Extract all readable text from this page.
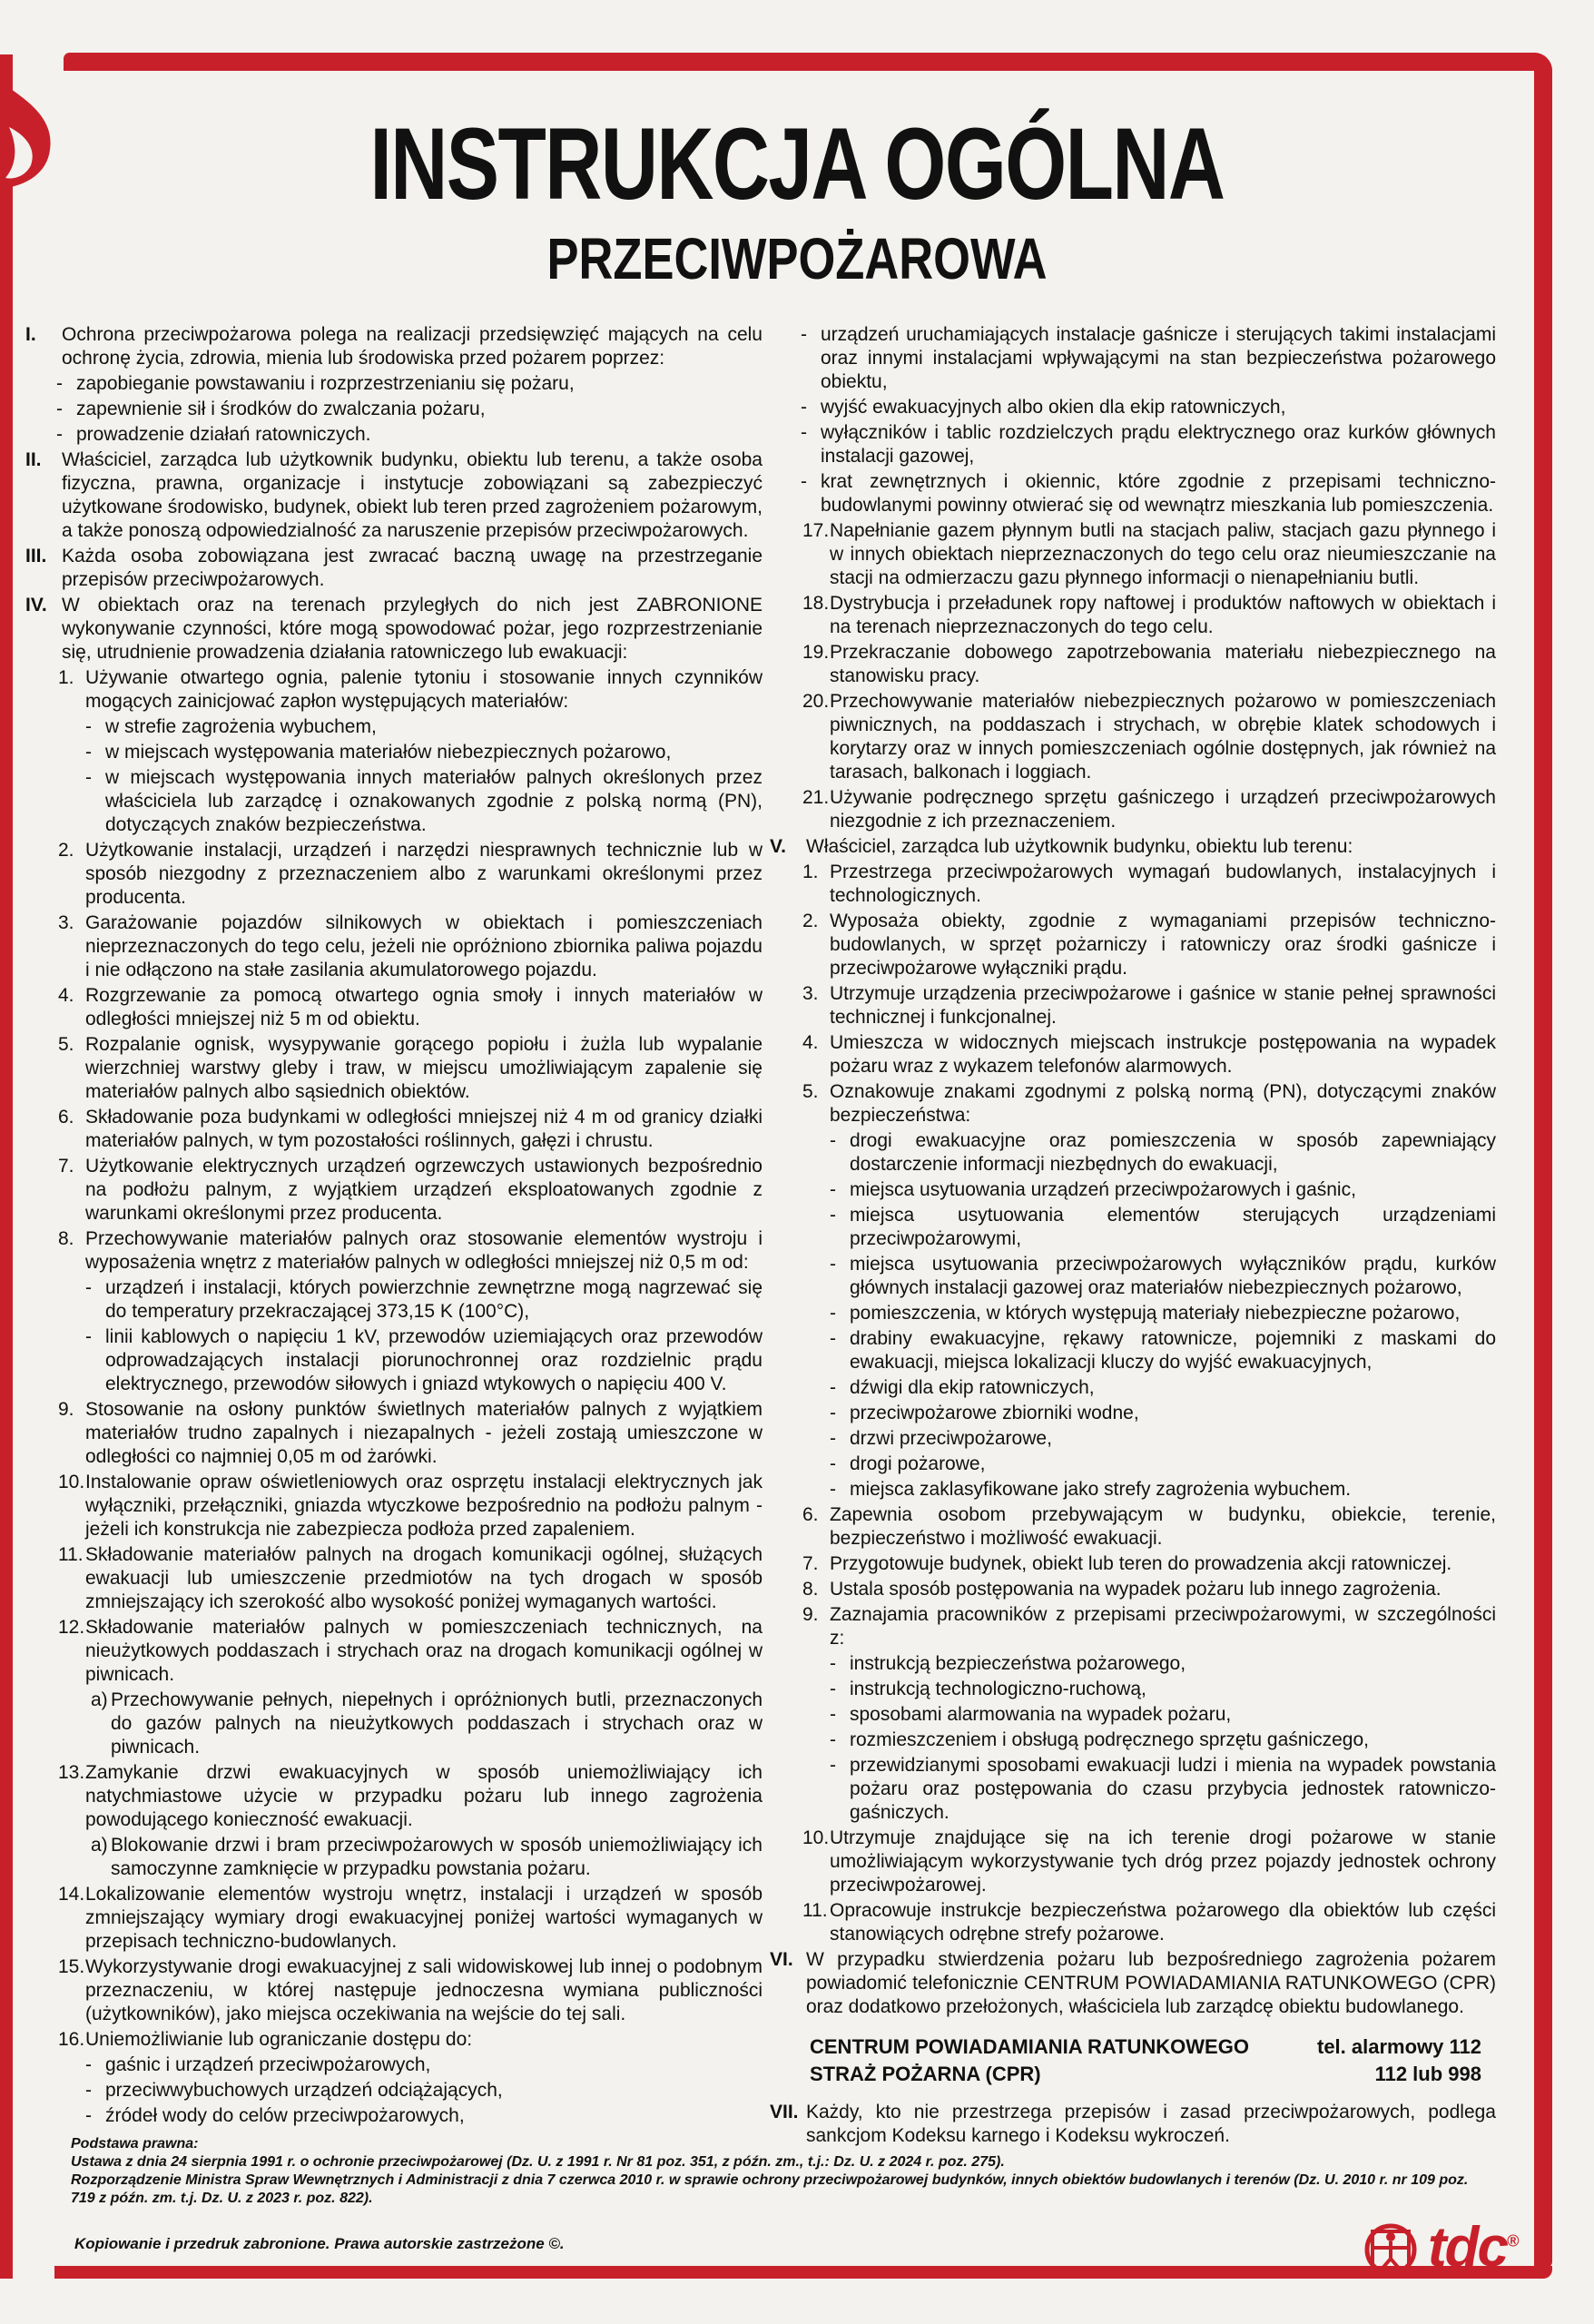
INSTRUKCJA OGÓLNA
PRZECIWPOŻAROWA
I.	Ochrona przeciwpożarowa polega na realizacji przedsięwzięć mających na celu ochronę życia, zdrowia, mienia lub środowiska przed pożarem poprzez:
- zapobieganie powstawaniu i rozprzestrzenianiu się pożaru,
- zapewnienie sił i środków do zwalczania pożaru,
- prowadzenie działań ratowniczych.
II.	Właściciel, zarządca lub użytkownik budynku, obiektu lub terenu, a także osoba fizyczna, prawna, organizacje i instytucje zobowiązani są zabezpieczyć użytkowane środowisko, budynek, obiekt lub teren przed zagrożeniem pożarowym, a także ponoszą odpowiedzialność za naruszenie przepisów przeciwpożarowych.
III. Każda osoba zobowiązana jest zwracać baczną uwagę na przestrzeganie przepisów przeciwpożarowych.
IV. W obiektach oraz na terenach przyległych do nich jest ZABRONIONE wykonywanie czynności, które mogą spowodować pożar, jego rozprzestrzenianie się, utrudnienie prowadzenia działania ratowniczego lub ewakuacji:
1. Używanie otwartego ognia, palenie tytoniu i stosowanie innych czynników mogących zainicjować zapłon występujących materiałów:
- w strefie zagrożenia wybuchem,
- w miejscach występowania materiałów niebezpiecznych pożarowo,
- w miejscach występowania innych materiałów palnych określonych przez właściciela lub zarządcę i oznakowanych zgodnie z polską normą (PN), dotyczących znaków bezpieczeństwa.
2. Użytkowanie instalacji, urządzeń i narzędzi niesprawnych technicznie lub w sposób niezgodny z przeznaczeniem albo z warunkami określonymi przez producenta.
3. Garażowanie pojazdów silnikowych w obiektach i pomieszczeniach nieprzeznaczonych do tego celu, jeżeli nie opróżniono zbiornika paliwa pojazdu i nie odłączono na stałe zasilania akumulatorowego pojazdu.
4. Rozgrzewanie za pomocą otwartego ognia smoły i innych materiałów w odległości mniejszej niż 5 m od obiektu.
5. Rozpalanie ognisk, wysypywanie gorącego popiołu i żużla lub wypalanie wierzchniej warstwy gleby i traw, w miejscu umożliwiającym zapalenie się materiałów palnych albo sąsiednich obiektów.
6. Składowanie poza budynkami w odległości mniejszej niż 4 m od granicy działki materiałów palnych, w tym pozostałości roślinnych, gałęzi i chrustu.
7. Użytkowanie elektrycznych urządzeń ogrzewczych ustawionych bezpośrednio na podłożu palnym, z wyjątkiem urządzeń eksploatowanych zgodnie z warunkami określonymi przez producenta.
8. Przechowywanie materiałów palnych oraz stosowanie elementów wystroju i wyposażenia wnętrz z materiałów palnych w odległości mniejszej niż 0,5 m od:
- urządzeń i instalacji, których powierzchnie zewnętrzne mogą nagrzewać się do temperatury przekraczającej 373,15 K (100°C),
- linii kablowych o napięciu 1 kV, przewodów uziemiających oraz przewodów odprowadzających instalacji piorunochronnej oraz rozdzielnic prądu elektrycznego, przewodów siłowych i gniazd wtykowych o napięciu 400 V.
9. Stosowanie na osłony punktów świetlnych materiałów palnych z wyjątkiem materiałów trudno zapalnych i niezapalnych - jeżeli zostają umieszczone w odległości co najmniej 0,05 m od żarówki.
10. Instalowanie opraw oświetleniowych oraz osprzętu instalacji elektrycznych jak wyłączniki, przełączniki, gniazda wtyczkowe bezpośrednio na podłożu palnym - jeżeli ich konstrukcja nie zabezpiecza podłoża przed zapaleniem.
11. Składowanie materiałów palnych na drogach komunikacji ogólnej, służących ewakuacji lub umieszczenie przedmiotów na tych drogach w sposób zmniejszający ich szerokość albo wysokość poniżej wymaganych wartości.
12. Składowanie materiałów palnych w pomieszczeniach technicznych, na nieużytkowych poddaszach i strychach oraz na drogach komunikacji ogólnej w piwnicach.
a) Przechowywanie pełnych, niepełnych i opróżnionych butli, przeznaczonych do gazów palnych na nieużytkowych poddaszach i strychach oraz w piwnicach.
13. Zamykanie drzwi ewakuacyjnych w sposób uniemożliwiający ich natychmiastowe użycie w przypadku pożaru lub innego zagrożenia powodującego konieczność ewakuacji.
a) Blokowanie drzwi i bram przeciwpożarowych w sposób uniemożliwiający ich samoczynne zamknięcie w przypadku powstania pożaru.
14. Lokalizowanie elementów wystroju wnętrz, instalacji i urządzeń w sposób zmniejszający wymiary drogi ewakuacyjnej poniżej wartości wymaganych w przepisach techniczno-budowlanych.
15. Wykorzystywanie drogi ewakuacyjnej z sali widowiskowej lub innej o podobnym przeznaczeniu, w której następuje jednoczesna wymiana publiczności (użytkowników), jako miejsca oczekiwania na wejście do tej sali.
16. Uniemożliwianie lub ograniczanie dostępu do:
- gaśnic i urządzeń przeciwpożarowych,
- przeciwwybuchowych urządzeń odciążających,
- źródeł wody do celów przeciwpożarowych,
- urządzeń uruchamiających instalacje gaśnicze i sterujących takimi instalacjami oraz innymi instalacjami wpływającymi na stan bezpieczeństwa pożarowego obiektu,
- wyjść ewakuacyjnych albo okien dla ekip ratowniczych,
- wyłączników i tablic rozdzielczych prądu elektrycznego oraz kurków głównych instalacji gazowej,
- krat zewnętrznych i okiennic, które zgodnie z przepisami techniczno-budowlanymi powinny otwierać się od wewnątrz mieszkania lub pomieszczenia.
17. Napełnianie gazem płynnym butli na stacjach paliw, stacjach gazu płynnego i w innych obiektach nieprzeznaczonych do tego celu oraz nieumieszczanie na stacji na odmierzaczu gazu płynnego informacji o nienapełnianiu butli.
18. Dystrybucja i przeładunek ropy naftowej i produktów naftowych w obiektach i na terenach nieprzeznaczonych do tego celu.
19. Przekraczanie dobowego zapotrzebowania materiału niebezpiecznego na stanowisku pracy.
20. Przechowywanie materiałów niebezpiecznych pożarowo w pomieszczeniach piwnicznych, na poddaszach i strychach, w obrębie klatek schodowych i korytarzy oraz w innych pomieszczeniach ogólnie dostępnych, jak również na tarasach, balkonach i loggiach.
21. Używanie podręcznego sprzętu gaśniczego i urządzeń przeciwpożarowych niezgodnie z ich przeznaczeniem.
V.	Właściciel, zarządca lub użytkownik budynku, obiektu lub terenu:
1. Przestrzega przeciwpożarowych wymagań budowlanych, instalacyjnych i technologicznych.
2. Wyposaża obiekty, zgodnie z wymaganiami przepisów techniczno-budowlanych, w sprzęt pożarniczy i ratowniczy oraz środki gaśnicze i przeciwpożarowe wyłączniki prądu.
3. Utrzymuje urządzenia przeciwpożarowe i gaśnice w stanie pełnej sprawności technicznej i funkcjonalnej.
4. Umieszcza w widocznych miejscach instrukcje postępowania na wypadek pożaru wraz z wykazem telefonów alarmowych.
5. Oznakowuje znakami zgodnymi z polską normą (PN), dotyczącymi znaków bezpieczeństwa:
- drogi ewakuacyjne oraz pomieszczenia w sposób zapewniający dostarczenie informacji niezbędnych do ewakuacji,
- miejsca usytuowania urządzeń przeciwpożarowych i gaśnic,
- miejsca usytuowania elementów sterujących urządzeniami przeciwpożarowymi,
- miejsca usytuowania przeciwpożarowych wyłączników prądu, kurków głównych instalacji gazowej oraz materiałów niebezpiecznych pożarowo,
- pomieszczenia, w których występują materiały niebezpieczne pożarowo,
- drabiny ewakuacyjne, rękawy ratownicze, pojemniki z maskami do ewakuacji, miejsca lokalizacji kluczy do wyjść ewakuacyjnych,
- dźwigi dla ekip ratowniczych,
- przeciwpożarowe zbiorniki wodne,
- drzwi przeciwpożarowe,
- drogi pożarowe,
- miejsca zaklasyfikowane jako strefy zagrożenia wybuchem.
6. Zapewnia osobom przebywającym w budynku, obiekcie, terenie, bezpieczeństwo i możliwość ewakuacji.
7. Przygotowuje budynek, obiekt lub teren do prowadzenia akcji ratowniczej.
8. Ustala sposób postępowania na wypadek pożaru lub innego zagrożenia.
9. Zaznajamia pracowników z przepisami przeciwpożarowymi, w szczególności z:
- instrukcją bezpieczeństwa pożarowego,
- instrukcją technologiczno-ruchową,
- sposobami alarmowania na wypadek pożaru,
- rozmieszczeniem i obsługą podręcznego sprzętu gaśniczego,
- przewidzianymi sposobami ewakuacji ludzi i mienia na wypadek powstania pożaru oraz postępowania do czasu przybycia jednostek ratowniczo-gaśniczych.
10. Utrzymuje znajdujące się na ich terenie drogi pożarowe w stanie umożliwiającym wykorzystywanie tych dróg przez pojazdy jednostek ochrony przeciwpożarowej.
11. Opracowuje instrukcje bezpieczeństwa pożarowego dla obiektów lub części stanowiących odrębne strefy pożarowe.
VI. W przypadku stwierdzenia pożaru lub bezpośredniego zagrożenia pożarem powiadomić telefonicznie CENTRUM POWIADAMIANIA RATUNKOWEGO (CPR) oraz dodatkowo przełożonych, właściciela lub zarządcę obiektu budowlanego.
CENTRUM POWIADAMIANIA RATUNKOWEGO	tel. alarmowy 112
STRAŻ POŻARNA (CPR)	112 lub 998
VII. Każdy, kto nie przestrzega przepisów i zasad przeciwpożarowych, podlega sankcjom Kodeksu karnego i Kodeksu wykroczeń.
Podstawa prawna:
Ustawa z dnia 24 sierpnia 1991 r. o ochronie przeciwpożarowej (Dz. U. z 1991 r. Nr 81 poz. 351, z późn. zm., t.j.: Dz. U. z 2024 r. poz. 275).
Rozporządzenie Ministra Spraw Wewnętrznych i Administracji z dnia 7 czerwca 2010 r. w sprawie ochrony przeciwpożarowej budynków, innych obiektów budowlanych i terenów (Dz. U. 2010 r. nr 109 poz. 719 z późn. zm. t.j. Dz. U. z 2023 r. poz. 822).
Kopiowanie i przedruk zabronione. Prawa autorskie zastrzeżone ©.	tdc®
